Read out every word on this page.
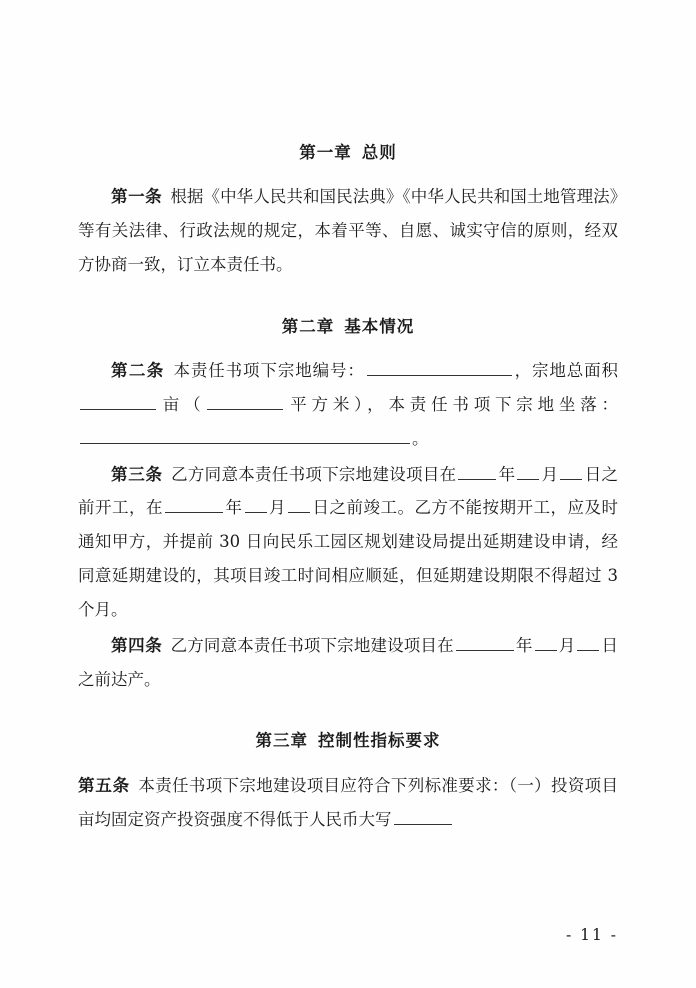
第一章 总则

第一条 根据《中华人民共和国民法典》《中华人民共和国土地管理法》等有关法律、行政法规的规定，本着平等、自愿、诚实守信的原则，经双方协商一致，订立本责任书。

第二章 基本情况

第二条 本责任书项下宗地编号：	，宗地总面积亩（	平方米），本责任书项下宗地坐落：。

第三条 乙方同意本责任书项下宗地建设项目在	年 月 日之前开工，在	年 月 日之前竣工。乙方不能按期开工，应及时通知甲方，并提前 30 日向民乐工园区规划建设局提出延期建设申请，经同意延期建设的，其项目竣工时间相应顺延，但延期建设期限不得超过 3 个月。

第四条 乙方同意本责任书项下宗地建设项目在	年 月 日之前达产。

第三章 控制性指标要求

第五条 本责任书项下宗地建设项目应符合下列标准要求：（一）投资项目亩均固定资产投资强度不得低于人民币大写

- 11 -
